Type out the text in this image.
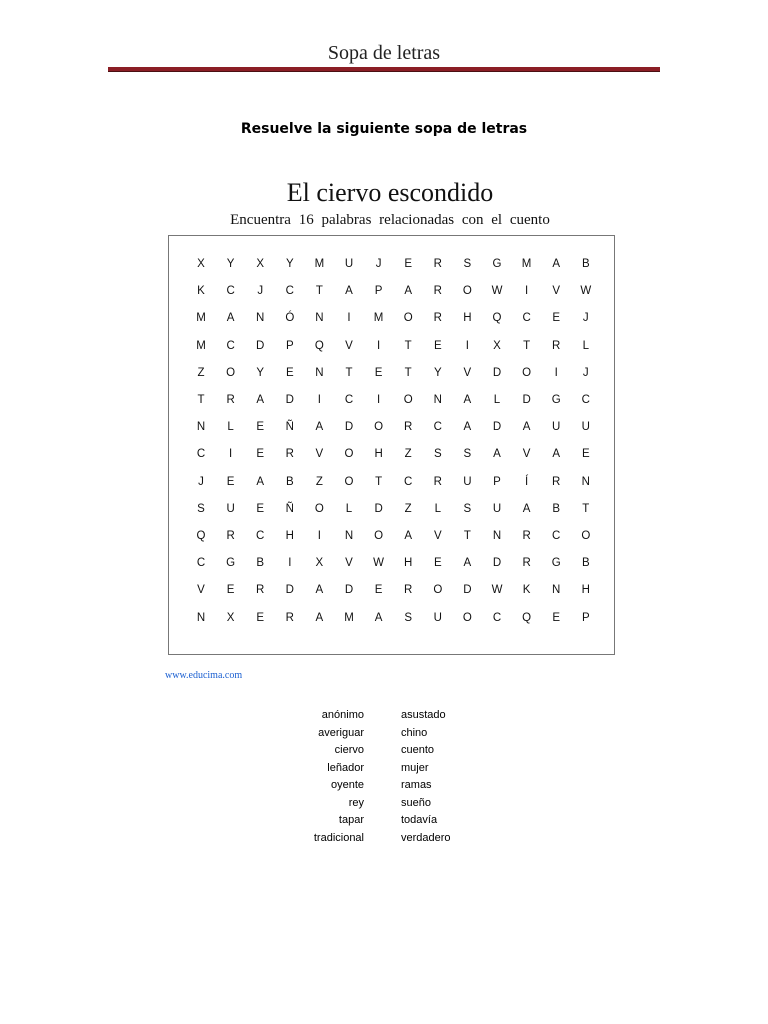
Sopa de letras
Resuelve la siguiente sopa de letras
El ciervo escondido
Encuentra 16 palabras relacionadas con el cuento
X	Y	X	Y	M	U	J	E	R	S	G	M	A	B
K	C	J	C	T	A	P	A	R	O	W	I	V	W
M	A	N	Ó	N	I	M	O	R	H	Q	C	E	J
M	C	D	P	Q	V	I	T	E	I	X	T	R	L
Z	O	Y	E	N	T	E	T	Y	V	D	O	I	J
T	R	A	D	I	C	I	O	N	A	L	D	G	C
N	L	E	Ñ	A	D	O	R	C	A	D	A	U	U
C	I	E	R	V	O	H	Z	S	S	A	V	A	E
J	E	A	B	Z	O	T	C	R	U	P	Í	R	N
S	U	E	Ñ	O	L	D	Z	L	S	U	A	B	T
Q	R	C	H	I	N	O	A	V	T	N	R	C	O
C	G	B	I	X	V	W	H	E	A	D	R	G	B
V	E	R	D	A	D	E	R	O	D	W	K	N	H
N	X	E	R	A	M	A	S	U	O	C	Q	E	P
www.educima.com
anónimo	asustado
averiguar	chino
ciervo	cuento
leñador	mujer
oyente	ramas
rey	sueño
tapar	todavía
tradicional	verdadero
